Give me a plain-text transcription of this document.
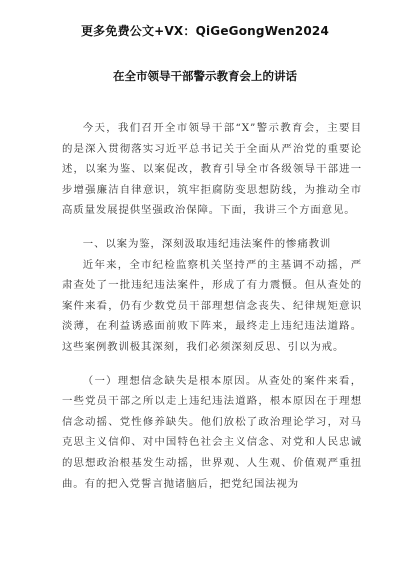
更多免费公文+VX：QiGeGongWen2024
在全市领导干部警示教育会上的讲话

今天，我们召开全市领导干部“X”警示教育会，主要目的是深入贯彻落实习近平总书记关于全面从严治党的重要论述，以案为鉴、以案促改，教育引导全市各级领导干部进一步增强廉洁自律意识，筑牢拒腐防变思想防线，为推动全市高质量发展提供坚强政治保障。下面，我讲三个方面意见。

一、以案为鉴，深刻汲取违纪违法案件的惨痛教训

近年来，全市纪检监察机关坚持严的主基调不动摇，严肃查处了一批违纪违法案件，形成了有力震慑。但从查处的案件来看，仍有少数党员干部理想信念丧失、纪律规矩意识淡薄，在利益诱惑面前败下阵来，最终走上违纪违法道路。这些案例教训极其深刻，我们必须深刻反思、引以为戒。

（一）理想信念缺失是根本原因。从查处的案件来看，一些党员干部之所以走上违纪违法道路，根本原因在于理想信念动摇、党性修养缺失。他们放松了政治理论学习，对马克思主义信仰、对中国特色社会主义信念、对党和人民忠诚的思想政治根基发生动摇，世界观、人生观、价值观严重扭曲。有的把入党誓言抛诸脑后，把党纪国法视为
